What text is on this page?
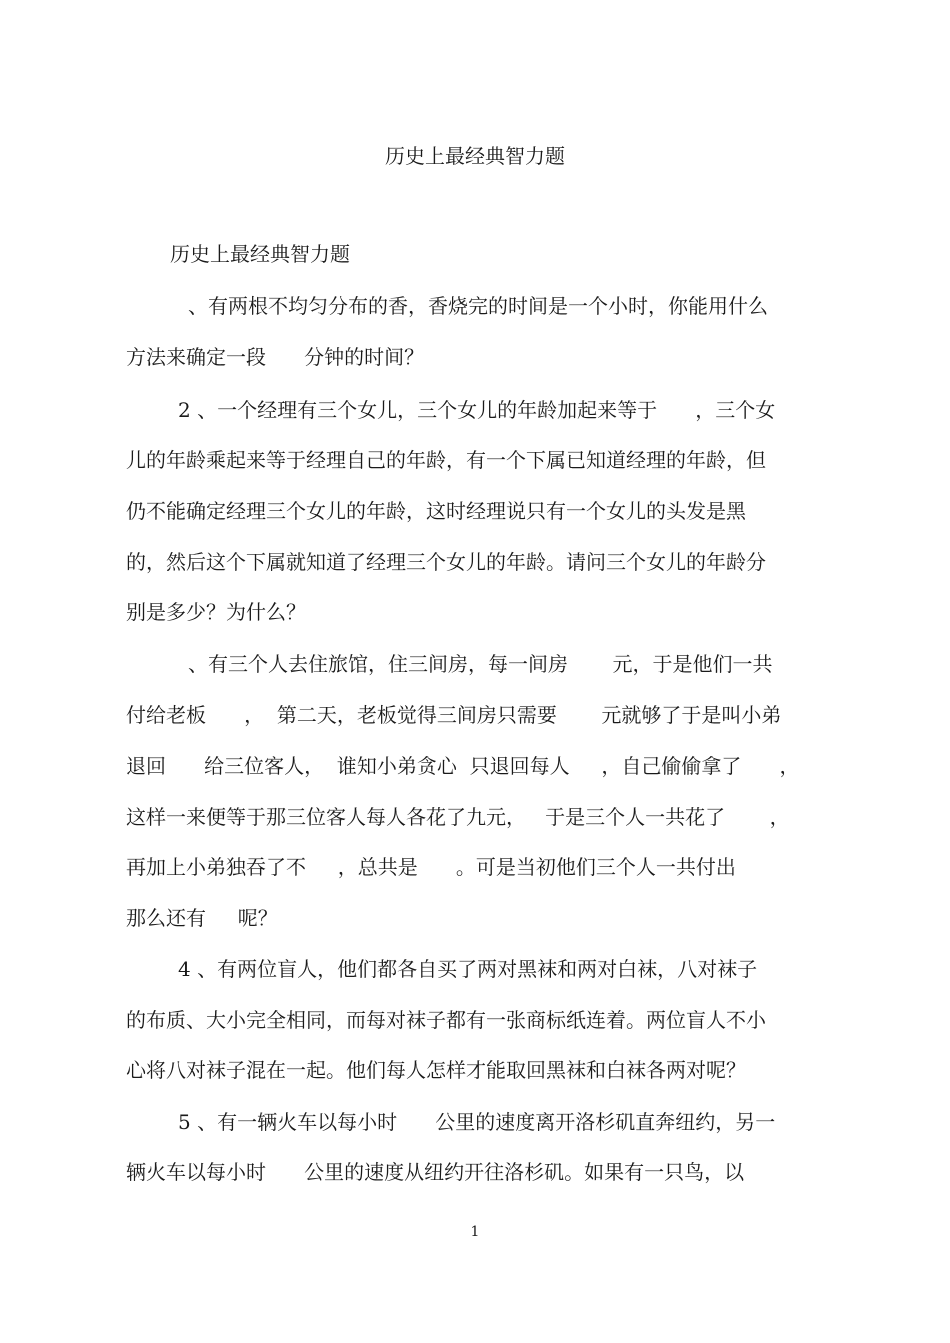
历史上最经典智力题
历史上最经典智力题
、有两根不均匀分布的香，香烧完的时间是一个小时，你能用什么
方法来确定一段      分钟的时间？
2 、一个经理有三个女儿，三个女儿的年龄加起来等于      ，三个女
儿的年龄乘起来等于经理自己的年龄，有一个下属已知道经理的年龄，但
仍不能确定经理三个女儿的年龄，这时经理说只有一个女儿的头发是黑
的，然后这个下属就知道了经理三个女儿的年龄。请问三个女儿的年龄分
别是多少？为什么？
、有三个人去住旅馆，住三间房，每一间房       元，于是他们一共
付给老板      ，  第二天，老板觉得三间房只需要       元就够了于是叫小弟
退回      给三位客人，  谁知小弟贪心  只退回每人     ，自己偷偷拿了      ，
这样一来便等于那三位客人每人各花了九元，   于是三个人一共花了       ，
再加上小弟独吞了不     ，总共是      。可是当初他们三个人一共付出
那么还有     呢？
4 、有两位盲人，他们都各自买了两对黑袜和两对白袜，八对袜子
的布质、大小完全相同，而每对袜子都有一张商标纸连着。两位盲人不小
心将八对袜子混在一起。他们每人怎样才能取回黑袜和白袜各两对呢？
5 、有一辆火车以每小时      公里的速度离开洛杉矶直奔纽约，另一
辆火车以每小时      公里的速度从纽约开往洛杉矶。如果有一只鸟，以
1
